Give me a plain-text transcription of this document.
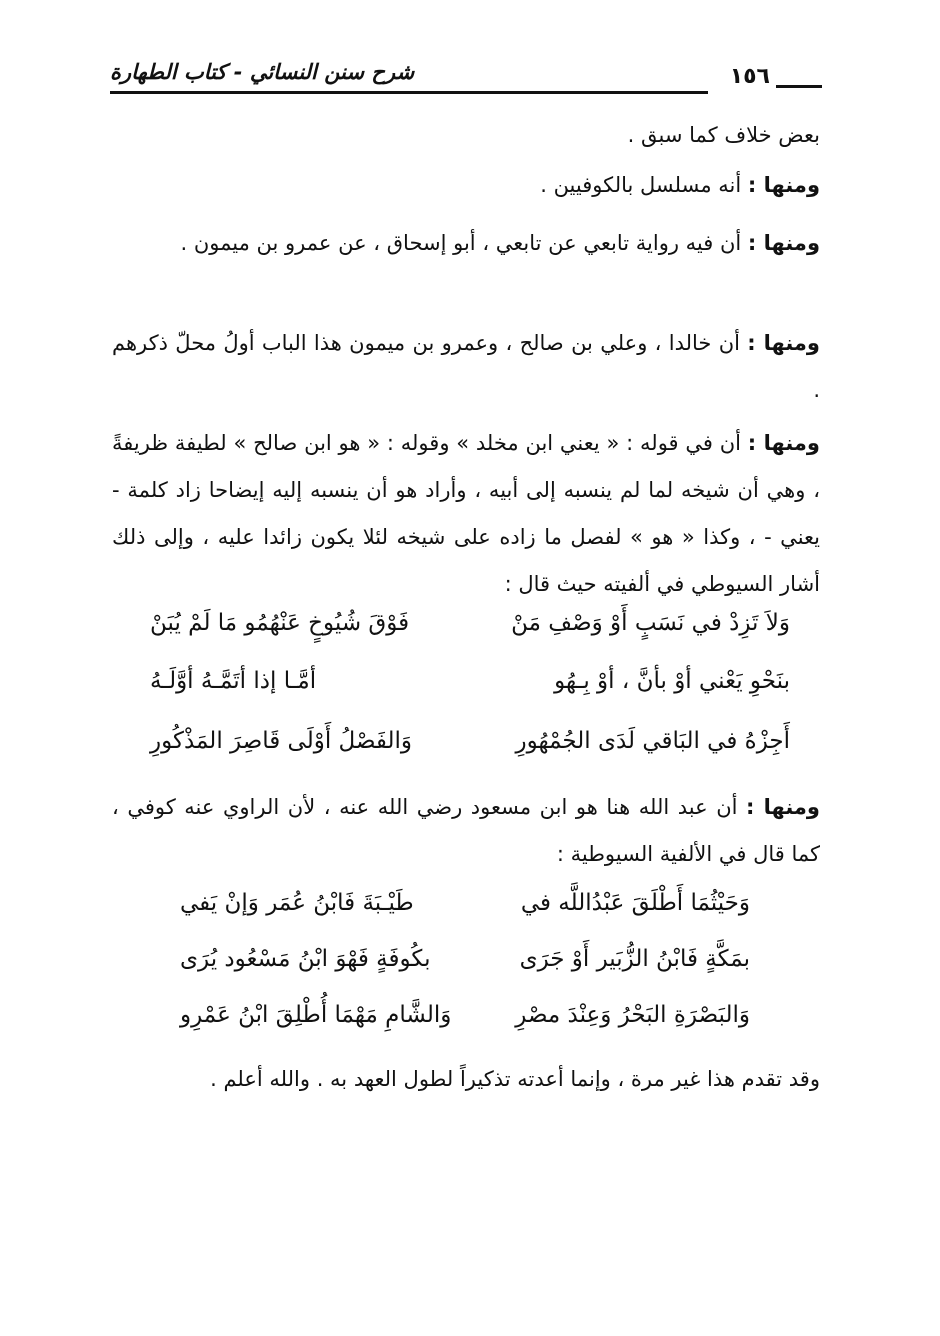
شرح سنن النسائي - كتاب الطهارة	١٥٦
بعض خلاف كما سبق .
ومنها : أنه مسلسل بالكوفيين .
ومنها : أن فيه رواية تابعي عن تابعي ، أبو إسحاق ، عن عمرو بن ميمون .
ومنها : أن خالدا ، وعلي بن صالح ، وعمرو بن ميمون هذا الباب أولُ محلّ ذكرهم .
ومنها : أن في قوله : « يعني ابن مخلد » وقوله : « هو ابن صالح » لطيفة ظريفةً ، وهي أن شيخه لما لم ينسبه إلى أبيه ، وأراد هو أن ينسبه إليه إيضاحا زاد كلمة - يعني - ، وكذا « هو » لفصل ما زاده على شيخه لئلا يكون زائدا عليه ، وإلى ذلك أشار السيوطي في ألفيته حيث قال :
وَلاَ تَزِدْ في نَسَبٍ أَوْ وَصْفِ مَنْ
فَوْقَ شُيُوخٍ عَنْهُمُو مَا لَمْ يُبَنْ
بنَحْوِ يَعْني أوْ بأنَّ ، أوْ بِـهُو
أمَّـا إذا أتَمَّـهُ أوَّلَـهُ
أَجِزْهُ في البَاقي لَدَى الجُمْهُورِ
وَالفَصْلُ أَوْلَى قَاصِرَ المَذْكُورِ
ومنها : أن عبد الله هنا هو ابن مسعود رضي الله عنه ، لأن الراوي عنه كوفي ، كما قال في الألفية السيوطية :
وَحَيْثُمَا أَطْلَقَ عَبْدُاللَّه في
طَيْـبَةَ فَابْنُ عُمَر وَإنْ يَفي
بمَكَّةٍ فَابْنُ الزُّبَير أَوْ جَرَى
بكُوفَةٍ فَهْوَ ابْنُ مَسْعُود يُرَى
وَالبَصْرَةِ البَحْرُ وَعِنْدَ مصْرِ
وَالشَّامِ مَهْمَا أُطْلِقَ ابْنُ عَمْرِو
وقد تقدم هذا غير مرة ، وإنما أعدته تذكيراً لطول العهد به . والله أعلم .
